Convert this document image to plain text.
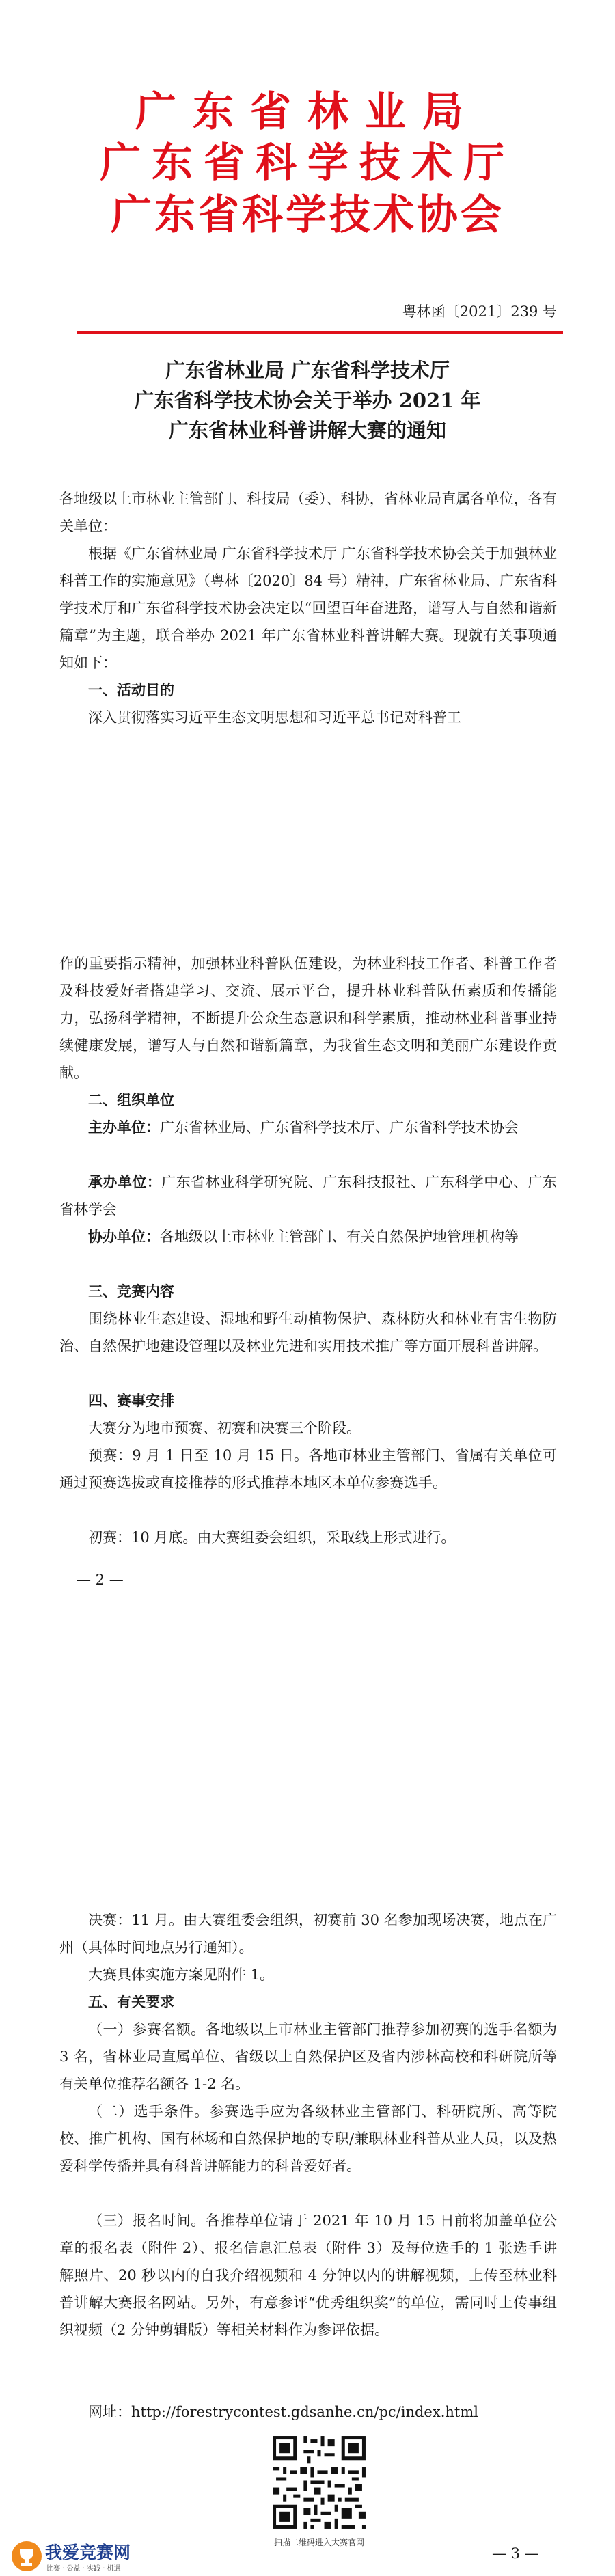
广东省林业局
广东省科学技术厅
广东省科学技术协会
粤林函〔2021〕239 号
广东省林业局 广东省科学技术厅
广东省科学技术协会关于举办 2021 年
广东省林业科普讲解大赛的通知
各地级以上市林业主管部门、科技局（委）、科协，省林业局直属各单位，各有关单位：
根据《广东省林业局 广东省科学技术厅 广东省科学技术协会关于加强林业科普工作的实施意见》（粤林〔2020〕84 号）精神，广东省林业局、广东省科学技术厅和广东省科学技术协会决定以“回望百年奋进路，谱写人与自然和谐新篇章”为主题，联合举办 2021 年广东省林业科普讲解大赛。现就有关事项通知如下：
一、活动目的
深入贯彻落实习近平生态文明思想和习近平总书记对科普工
作的重要指示精神，加强林业科普队伍建设，为林业科技工作者、科普工作者及科技爱好者搭建学习、交流、展示平台，提升林业科普队伍素质和传播能力，弘扬科学精神，不断提升公众生态意识和科学素质，推动林业科普事业持续健康发展，谱写人与自然和谐新篇章，为我省生态文明和美丽广东建设作贡献。
二、组织单位
主办单位：广东省林业局、广东省科学技术厅、广东省科学技术协会
承办单位：广东省林业科学研究院、广东科技报社、广东科学中心、广东省林学会
协办单位：各地级以上市林业主管部门、有关自然保护地管理机构等
三、竞赛内容
围绕林业生态建设、湿地和野生动植物保护、森林防火和林业有害生物防治、自然保护地建设管理以及林业先进和实用技术推广等方面开展科普讲解。
四、赛事安排
大赛分为地市预赛、初赛和决赛三个阶段。
预赛：9 月 1 日至 10 月 15 日。各地市林业主管部门、省属有关单位可通过预赛选拔或直接推荐的形式推荐本地区本单位参赛选手。
初赛：10 月底。由大赛组委会组织，采取线上形式进行。
— 2 —
决赛：11 月。由大赛组委会组织，初赛前 30 名参加现场决赛，地点在广州（具体时间地点另行通知）。
大赛具体实施方案见附件 1。
五、有关要求
（一）参赛名额。各地级以上市林业主管部门推荐参加初赛的选手名额为 3 名，省林业局直属单位、省级以上自然保护区及省内涉林高校和科研院所等有关单位推荐名额各 1-2 名。
（二）选手条件。参赛选手应为各级林业主管部门、科研院所、高等院校、推广机构、国有林场和自然保护地的专职/兼职林业科普从业人员，以及热爱科学传播并具有科普讲解能力的科普爱好者。
（三）报名时间。各推荐单位请于 2021 年 10 月 15 日前将加盖单位公章的报名表（附件 2）、报名信息汇总表（附件 3）及每位选手的 1 张选手讲解照片、20 秒以内的自我介绍视频和 4 分钟以内的讲解视频，上传至林业科普讲解大赛报名网站。另外，有意参评“优秀组织奖”的单位，需同时上传事组织视频（2 分钟剪辑版）等相关材料作为参评依据。
网址：http://forestrycontest.gdsanhe.cn/pc/index.html
扫描二维码进入大赛官网
— 3 —
我爱竞赛网
比赛 · 公益 · 实践 · 机遇
